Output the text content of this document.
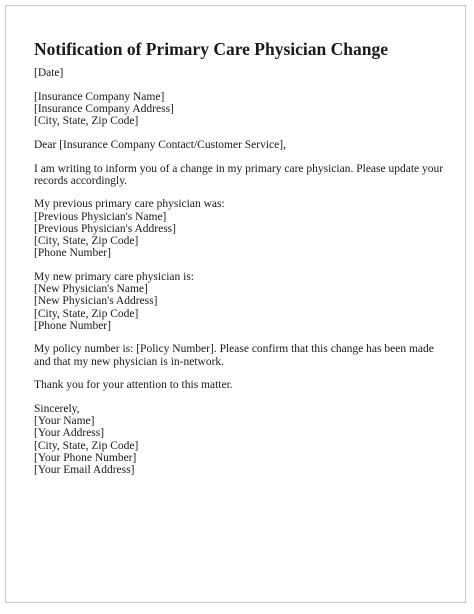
Notification of Primary Care Physician Change
[Date]
[Insurance Company Name]
[Insurance Company Address]
[City, State, Zip Code]
Dear [Insurance Company Contact/Customer Service],
I am writing to inform you of a change in my primary care physician. Please update your records accordingly.
My previous primary care physician was:
[Previous Physician's Name]
[Previous Physician's Address]
[City, State, Zip Code]
[Phone Number]
My new primary care physician is:
[New Physician's Name]
[New Physician's Address]
[City, State, Zip Code]
[Phone Number]
My policy number is: [Policy Number]. Please confirm that this change has been made and that my new physician is in-network.
Thank you for your attention to this matter.
Sincerely,
[Your Name]
[Your Address]
[City, State, Zip Code]
[Your Phone Number]
[Your Email Address]
